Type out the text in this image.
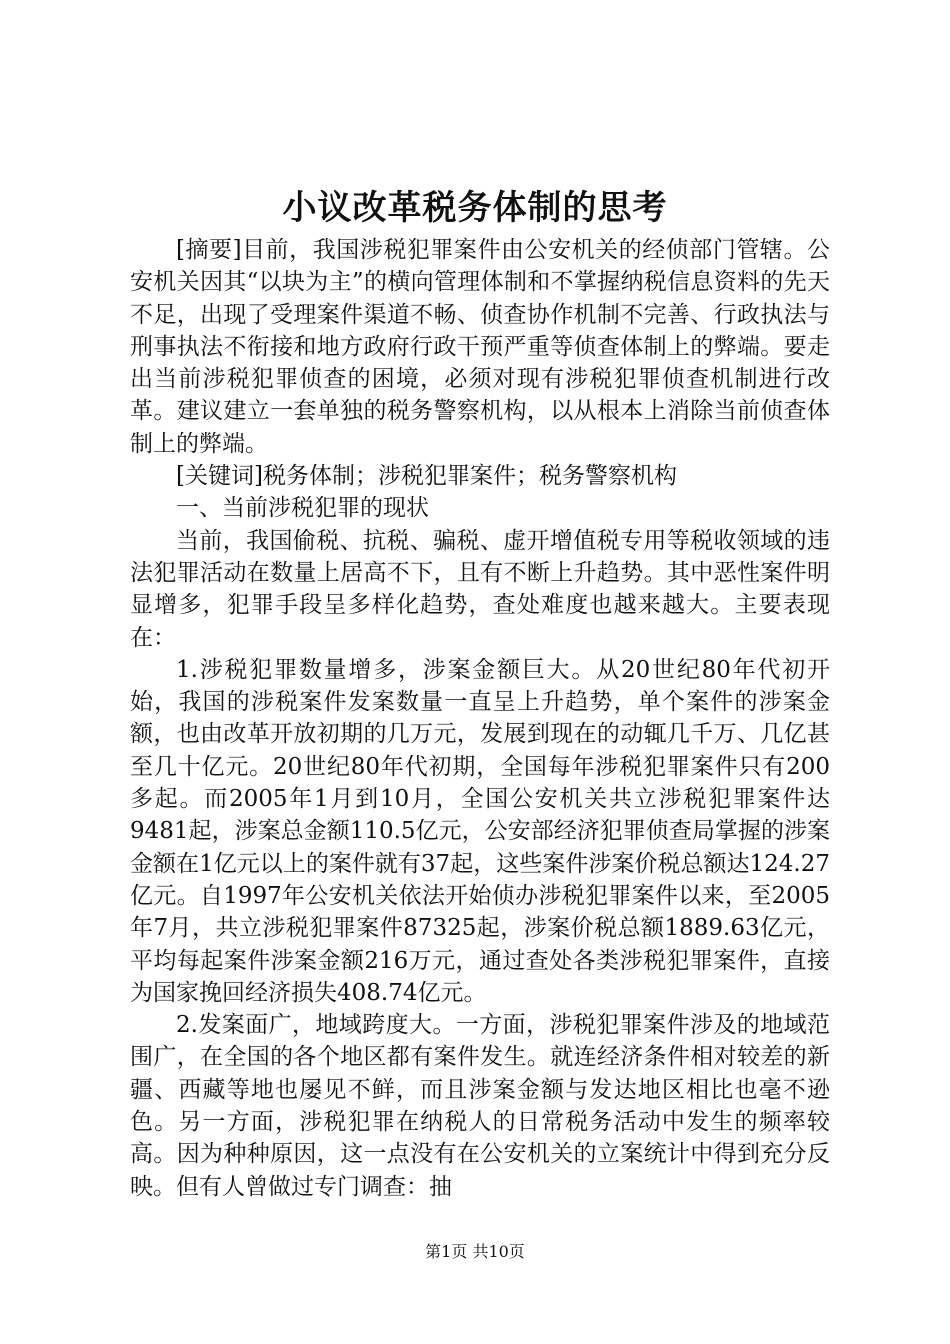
小议改革税务体制的思考

[摘要]目前，我国涉税犯罪案件由公安机关的经侦部门管辖。公安机关因其“以块为主”的横向管理体制和不掌握纳税信息资料的先天不足，出现了受理案件渠道不畅、侦查协作机制不完善、行政执法与刑事执法不衔接和地方政府行政干预严重等侦查体制上的弊端。要走出当前涉税犯罪侦查的困境，必须对现有涉税犯罪侦查机制进行改革。建议建立一套单独的税务警察机构，以从根本上消除当前侦查体制上的弊端。

[关键词]税务体制；涉税犯罪案件；税务警察机构

一、当前涉税犯罪的现状

当前，我国偷税、抗税、骗税、虚开增值税专用等税收领域的违法犯罪活动在数量上居高不下，且有不断上升趋势。其中恶性案件明显增多，犯罪手段呈多样化趋势，查处难度也越来越大。主要表现在：

1.涉税犯罪数量增多，涉案金额巨大。从20世纪80年代初开始，我国的涉税案件发案数量一直呈上升趋势，单个案件的涉案金额，也由改革开放初期的几万元，发展到现在的动辄几千万、几亿甚至几十亿元。20世纪80年代初期，全国每年涉税犯罪案件只有200多起。而2005年1月到10月，全国公安机关共立涉税犯罪案件达9481起，涉案总金额110.5亿元，公安部经济犯罪侦查局掌握的涉案金额在1亿元以上的案件就有37起，这些案件涉案价税总额达124.27亿元。自1997年公安机关依法开始侦办涉税犯罪案件以来，至2005年7月，共立涉税犯罪案件87325起，涉案价税总额1889.63亿元，平均每起案件涉案金额216万元，通过查处各类涉税犯罪案件，直接为国家挽回经济损失408.74亿元。

2.发案面广，地域跨度大。一方面，涉税犯罪案件涉及的地域范围广，在全国的各个地区都有案件发生。就连经济条件相对较差的新疆、西藏等地也屡见不鲜，而且涉案金额与发达地区相比也毫不逊色。另一方面，涉税犯罪在纳税人的日常税务活动中发生的频率较高。因为种种原因，这一点没有在公安机关的立案统计中得到充分反映。但有人曾做过专门调查：抽

第1页 共10页
